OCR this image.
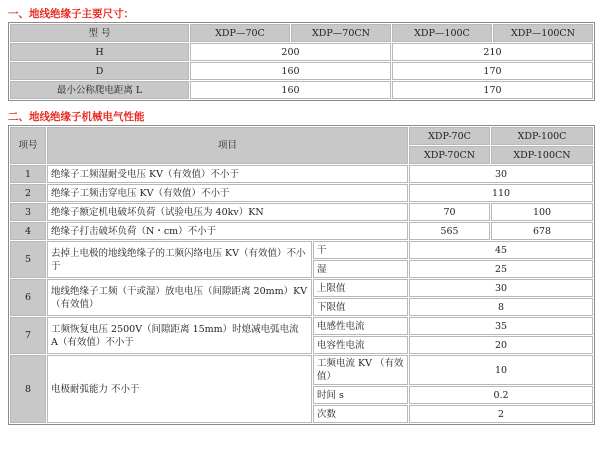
一、地线绝缘子主要尺寸：
型 号	XDP—70C	XDP—70CN	XDP—100C	XDP—100CN
H	200		210	
D	160		170	
最小公称爬电距离 L	160		170	
二、地线绝缘子机械电气性能
项号	项目		XDP-70C	XDP-100C
			XDP-70CN	XDP-100CN
1	绝缘子工频湿耐受电压 KV（有效值）不小于		30	
2	绝缘子工频击穿电压 KV（有效值）不小于		110	
3	绝缘子额定机电破坏负荷（试验电压为 40kv）KN		70	100
4	绝缘子打击破坏负荷（N・cm）不小于		565	678
5	去掉上电极的地线绝缘子的工频闪络电压 KV（有效值）不小于	干	45	
		湿	25	
6	地线绝缘子工频（干或湿）放电电压（间隙距离 20mm）KV（有效值）	上限值	30	
		下限值	8	
7	工频恢复电压 2500V（间隙距离 15mm）时熄减电弧电流 A（有效值）不小于	电感性电流	35	
		电容性电流	20	
8	电极耐弧能力 不小于	工频电流 KV （有效值）	10	
		时间 s	0.2	
		次数	2	
